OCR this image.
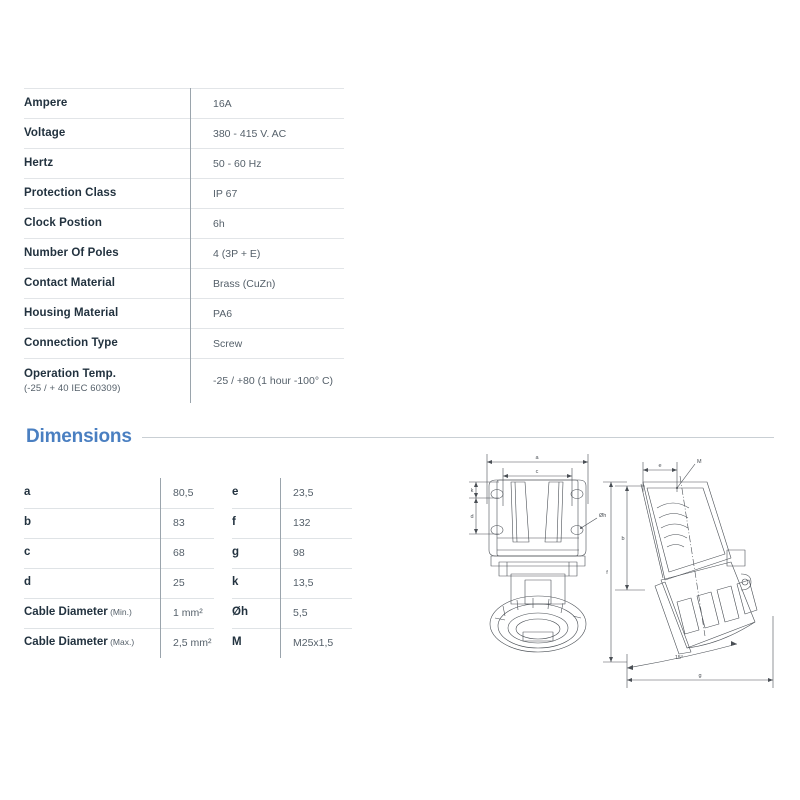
Ampere	16A
Voltage	380 - 415 V. AC
Hertz	50 - 60 Hz
Protection Class	IP 67
Clock Postion	6h
Number Of Poles	4 (3P + E)
Contact Material	Brass (CuZn)
Housing Material	PA6
Connection Type	Screw
Operation Temp.
(-25 / + 40 IEC 60309)	-25 / +80 (1 hour -100° C)
Dimensions
a	80,5
b	83
c	68
d	25
Cable Diameter (Min.)	1 mm²
Cable Diameter (Max.)	2,5 mm²
e	23,5
f	132
g	98
k	13,5
Øh	5,5
M	M25x1,5
a
c
k
d	Øh
e
M
b
f
15°
g
